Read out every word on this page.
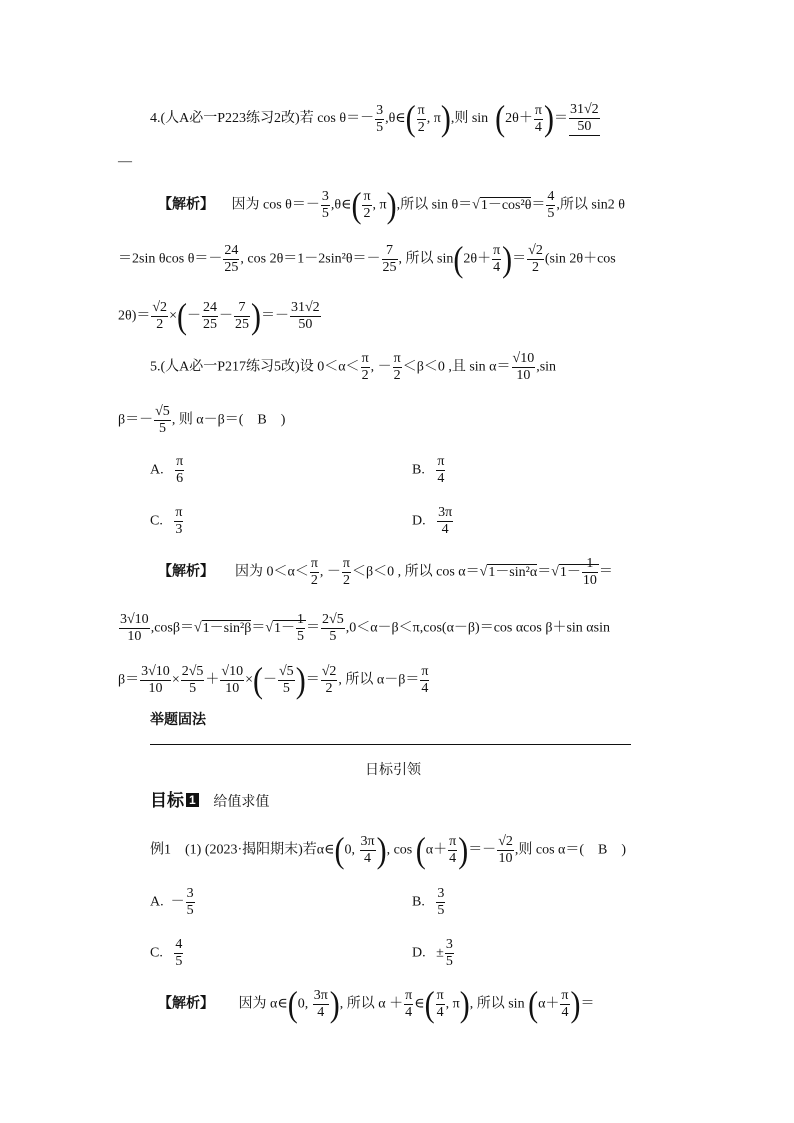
4.(人A必一P223练习2改)若 $\cos \theta=- \frac{3}{5}$ ,θ∈( $\frac{\pi}{2}$ , π),则 $\sin (2\theta+ \frac{\pi}{4}$ )＝ $\frac{31√2}{50}$
—
【解析】 因为 $\cos \theta=- \frac{3}{5}$ ,θ∈( $\frac{\pi}{2}$ , π),所以 $\sin \theta=√1-\cos^2\theta= \frac{4}{5}$ ,所以 sin2 θ
＝2sin θcos $\theta=- \frac{24}{25}$ , $\cos 2\theta=1-2\sin^2\theta=- \frac{7}{25}$ , 所以 $\sin(2\theta+ \frac{\pi}{4}$ )＝ $\frac{√2}{2} (\sin$ 2θ＋cos
$2\theta)= \frac{√2}{2}$ ×(－ $\frac{24}{25} - \frac{7}{25}$ )＝－ $\frac{31√2}{50}$
5.(人A必一P217练习5改)设 $0<\alpha< \frac{\pi}{2}$ , － $\frac{\pi}{2} <\beta<0$ ,且 $\sin \alpha= \frac{√10}{10} ,\sin$
$\beta=- \frac{√5}{5}$ , 则 α－β＝(　B　)
A. $\frac{\pi}{6}$	B. $\frac{\pi}{4}$
C. $\frac{\pi}{3}$	D. $\frac{3\pi}{4}$
【解析】 因为 $0<\alpha< \frac{\pi}{2}$ , － $\frac{\pi}{2} <\beta<0$ , 所以 $\cos \alpha=√1-\sin^2\alpha=√1- \frac{1}{10}$ ＝
$\frac{3√10}{10} ,\cos\beta=√1-\sin^2\beta=√1- \frac{1}{5} = \frac{2√5}{5} ,0<\alpha-\beta<\pi,\cos(\alpha-\beta)=\cos$ αcos β＋sin αsin
$\beta= \frac{3√10}{10} \times \frac{2√5}{5} + \frac{√10}{10}$ ×(－ $\frac{√5}{5}$ )＝ $\frac{√2}{2}$ , 所以 $\alpha-\beta= \frac{\pi}{4}$
举题固法
日标引领
目标 1 给值求值
例1　(1) (2023·揭阳期末)若α∈(0, $\frac{3\pi}{4}$ ), $\cos (\alpha+ \frac{\pi}{4}$ )＝－ $\frac{√2}{10}$ ,则 cos α＝(　B　)
A. － $\frac{3}{5}$	B. $\frac{3}{5}$
C. $\frac{4}{5}$	D. ± $\frac{3}{5}$
【解析】 因为 α∈(0, $\frac{3\pi}{4}$ ), 所以 $\alpha + \frac{\pi}{4}$ ∈( $\frac{\pi}{4}$ , π), 所以 $\sin (\alpha+ \frac{\pi}{4}$ )＝
